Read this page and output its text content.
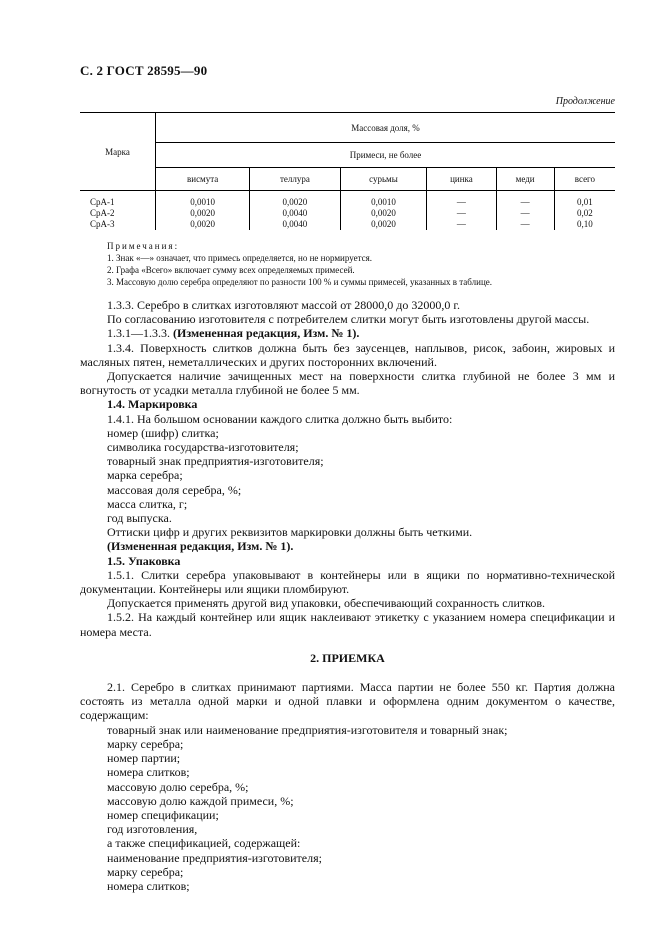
С. 2 ГОСТ 28595—90
Продолжение
Марка	Массовая доля, %					
	Примеси, не более					
	висмута	теллура	сурьмы	цинка	меди	всего
СрА-1	0,0010	0,0020	0,0010	—	—	0,01
СрА-2	0,0020	0,0040	0,0020	—	—	0,02
СрА-3	0,0020	0,0040	0,0020	—	—	0,10
Примечания:
1. Знак «—» означает, что примесь определяется, но не нормируется.
2. Графа «Всего» включает сумму всех определяемых примесей.
3. Массовую долю серебра определяют по разности 100 % и суммы примесей, указанных в таблице.

1.3.3. Серебро в слитках изготовляют массой от 28000,0 до 32000,0 г.

По согласованию изготовителя с потребителем слитки могут быть изготовлены другой массы.

1.3.1—1.3.3. (Измененная редакция, Изм. № 1).

1.3.4. Поверхность слитков должна быть без заусенцев, наплывов, рисок, забоин, жировых и масляных пятен, неметаллических и других посторонних включений.

Допускается наличие зачищенных мест на поверхности слитка глубиной не более 3 мм и вогнутость от усадки металла глубиной не более 5 мм.

1.4. Маркировка

1.4.1. На большом основании каждого слитка должно быть выбито:

номер (шифр) слитка;

символика государства-изготовителя;

товарный знак предприятия-изготовителя;

марка серебра;

массовая доля серебра, %;

масса слитка, г;

год выпуска.

Оттиски цифр и других реквизитов маркировки должны быть четкими.

(Измененная редакция, Изм. № 1).

1.5. Упаковка

1.5.1. Слитки серебра упаковывают в контейнеры или в ящики по нормативно-технической документации. Контейнеры или ящики пломбируют.

Допускается применять другой вид упаковки, обеспечивающий сохранность слитков.

1.5.2. На каждый контейнер или ящик наклеивают этикетку с указанием номера спецификации и номера места.

2. ПРИЕМКА

2.1. Серебро в слитках принимают партиями. Масса партии не более 550 кг. Партия должна состоять из металла одной марки и одной плавки и оформлена одним документом о качестве, содержащим:

товарный знак или наименование предприятия-изготовителя и товарный знак;

марку серебра;

номер партии;

номера слитков;

массовую долю серебра, %;

массовую долю каждой примеси, %;

номер спецификации;

год изготовления,

а также спецификацией, содержащей:

наименование предприятия-изготовителя;

марку серебра;

номера слитков;
